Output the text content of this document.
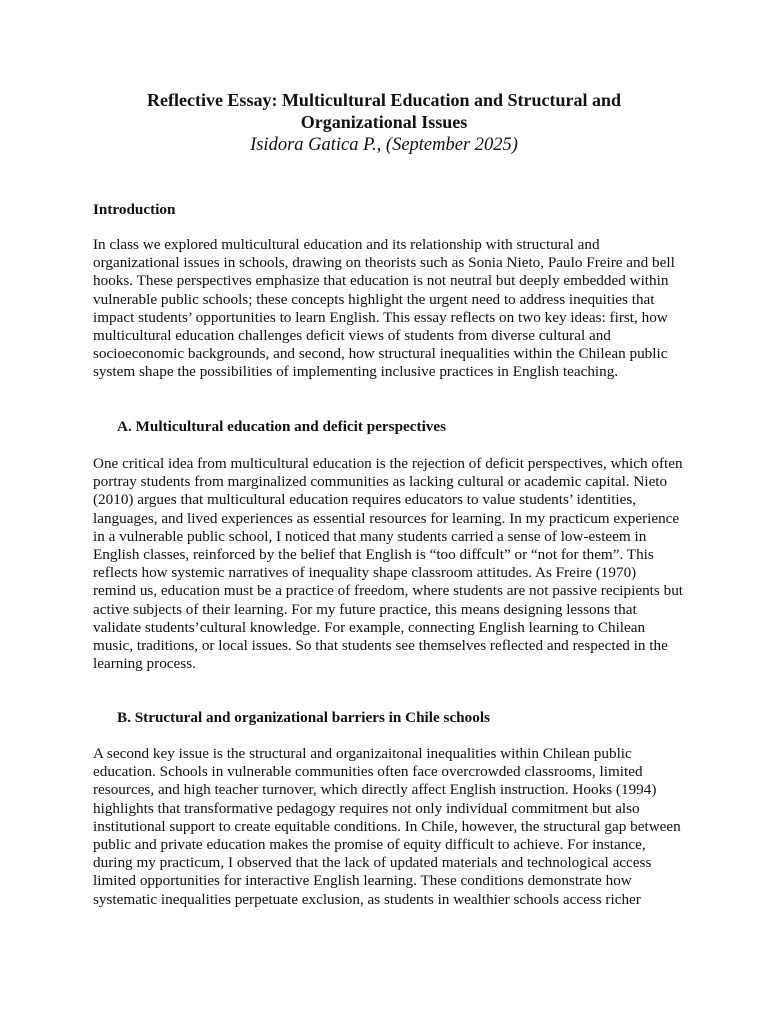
Reflective Essay: Multicultural Education and Structural and

Organizational Issues

Isidora Gatica P., (September 2025)

Introduction

In class we explored multicultural education and its relationship with structural and organizational issues in schools, drawing on theorists such as Sonia Nieto, Paulo Freire and bell hooks. These perspectives emphasize that education is not neutral but deeply embedded within vulnerable public schools; these concepts highlight the urgent need to address inequities that impact students’ opportunities to learn English. This essay reflects on two key ideas: first, how multicultural education challenges deficit views of students from diverse cultural and socioeconomic backgrounds, and second, how structural inequalities within the Chilean public system shape the possibilities of implementing inclusive practices in English teaching.

A. Multicultural education and deficit perspectives

One critical idea from multicultural education is the rejection of deficit perspectives, which often portray students from marginalized communities as lacking cultural or academic capital. Nieto (2010) argues that multicultural education requires educators to value students’ identities, languages, and lived experiences as essential resources for learning. In my practicum experience in a vulnerable public school, I noticed that many students carried a sense of low-esteem in English classes, reinforced by the belief that English is “too diffcult” or “not for them”. This reflects how systemic narratives of inequality shape classroom attitudes. As Freire (1970) remind us, education must be a practice of freedom, where students are not passive recipients but active subjects of their learning. For my future practice, this means designing lessons that validate students’cultural knowledge. For example, connecting English learning to Chilean music, traditions, or local issues. So that students see themselves reflected and respected in the learning process.

B. Structural and organizational barriers in Chile schools

A second key issue is the structural and organizaitonal inequalities within Chilean public education. Schools in vulnerable communities often face overcrowded classrooms, limited resources, and high teacher turnover, which directly affect English instruction. Hooks (1994) highlights that transformative pedagogy requires not only individual commitment but also institutional support to create equitable conditions. In Chile, however, the structural gap between public and private education makes the promise of equity difficult to achieve. For instance, during my practicum, I observed that the lack of updated materials and technological access limited opportunities for interactive English learning. These conditions demonstrate how systematic inequalities perpetuate exclusion, as students in wealthier schools access richer
